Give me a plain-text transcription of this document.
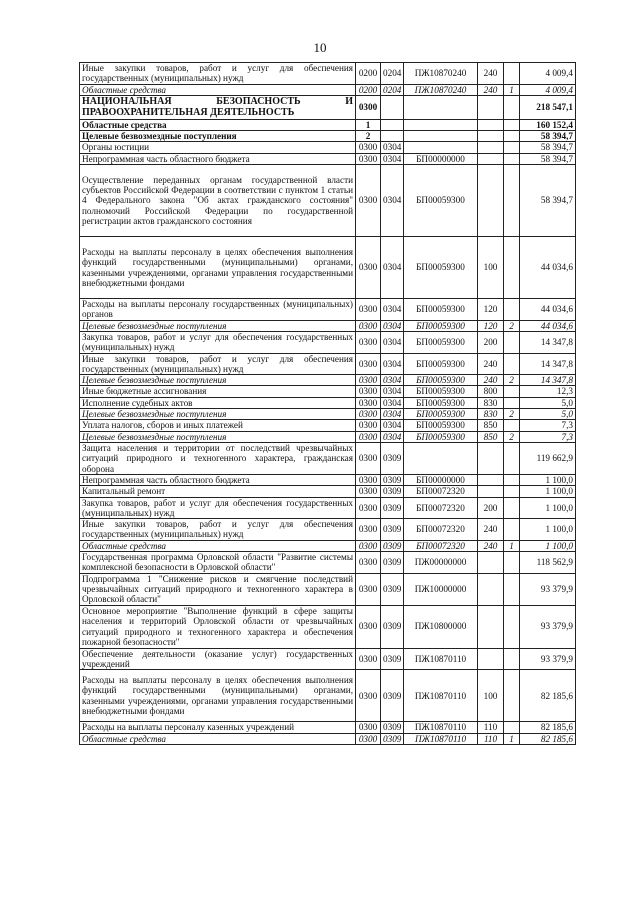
10
Иные закупки товаров, работ и услуг для обеспечения государственных (муниципальных) нужд	0200	0204	ПЖ10870240	240		4 009,4
Областные средства	0200	0204	ПЖ10870240	240	1	4 009,4
НАЦИОНАЛЬНАЯ БЕЗОПАСНОСТЬ И ПРАВООХРАНИТЕЛЬНАЯ ДЕЯТЕЛЬНОСТЬ	0300					218 547,1
Областные средства	1					160 152,4
Целевые безвозмездные поступления	2					58 394,7
Органы юстиции	0300	0304				58 394,7
Непрограммная часть областного бюджета	0300	0304	БП00000000			58 394,7
Осуществление переданных органам государственной власти субъектов Российской Федерации в соответствии с пунктом 1 статьи 4 Федерального закона "Об актах гражданского состояния" полномочий Российской Федерации по государственной регистрации актов гражданского состояния	0300	0304	БП00059300			58 394,7
Расходы на выплаты персоналу в целях обеспечения выполнения функций государственными (муниципальными) органами, казенными учреждениями, органами управления государственными внебюджетными фондами	0300	0304	БП00059300	100		44 034,6
Расходы на выплаты персоналу государственных (муниципальных) органов	0300	0304	БП00059300	120		44 034,6
Целевые безвозмездные поступления	0300	0304	БП00059300	120	2	44 034,6
Закупка товаров, работ и услуг для обеспечения государственных (муниципальных) нужд	0300	0304	БП00059300	200		14 347,8
Иные закупки товаров, работ и услуг для обеспечения государственных (муниципальных) нужд	0300	0304	БП00059300	240		14 347,8
Целевые безвозмездные поступления	0300	0304	БП00059300	240	2	14 347,8
Иные бюджетные ассигнования	0300	0304	БП00059300	800		12,3
Исполнение судебных актов	0300	0304	БП00059300	830		5,0
Целевые безвозмездные поступления	0300	0304	БП00059300	830	2	5,0
Уплата налогов, сборов и иных платежей	0300	0304	БП00059300	850		7,3
Целевые безвозмездные поступления	0300	0304	БП00059300	850	2	7,3
Защита населения и территории от последствий чрезвычайных ситуаций природного и техногенного характера, гражданская оборона	0300	0309				119 662,9
Непрограммная часть областного бюджета	0300	0309	БП00000000			1 100,0
Капитальный ремонт	0300	0309	БП00072320			1 100,0
Закупка товаров, работ и услуг для обеспечения государственных (муниципальных) нужд	0300	0309	БП00072320	200		1 100,0
Иные закупки товаров, работ и услуг для обеспечения государственных (муниципальных) нужд	0300	0309	БП00072320	240		1 100,0
Областные средства	0300	0309	БП00072320	240	1	1 100,0
Государственная программа Орловской области "Развитие системы комплексной безопасности в Орловской области"	0300	0309	ПЖ00000000			118 562,9
Подпрограмма 1 "Снижение рисков и смягчение последствий чрезвычайных ситуаций природного и техногенного характера в Орловской области"	0300	0309	ПЖ10000000			93 379,9
Основное мероприятие "Выполнение функций в сфере защиты населения и территорий Орловской области от чрезвычайных ситуаций природного и техногенного характера и обеспечения пожарной безопасности"	0300	0309	ПЖ10800000			93 379,9
Обеспечение деятельности (оказание услуг) государственных учреждений	0300	0309	ПЖ10870110			93 379,9
Расходы на выплаты персоналу в целях обеспечения выполнения функций государственными (муниципальными) органами, казенными учреждениями, органами управления государственными внебюджетными фондами	0300	0309	ПЖ10870110	100		82 185,6
Расходы на выплаты персоналу казенных учреждений	0300	0309	ПЖ10870110	110		82 185,6
Областные средства	0300	0309	ПЖ10870110	110	1	82 185,6
